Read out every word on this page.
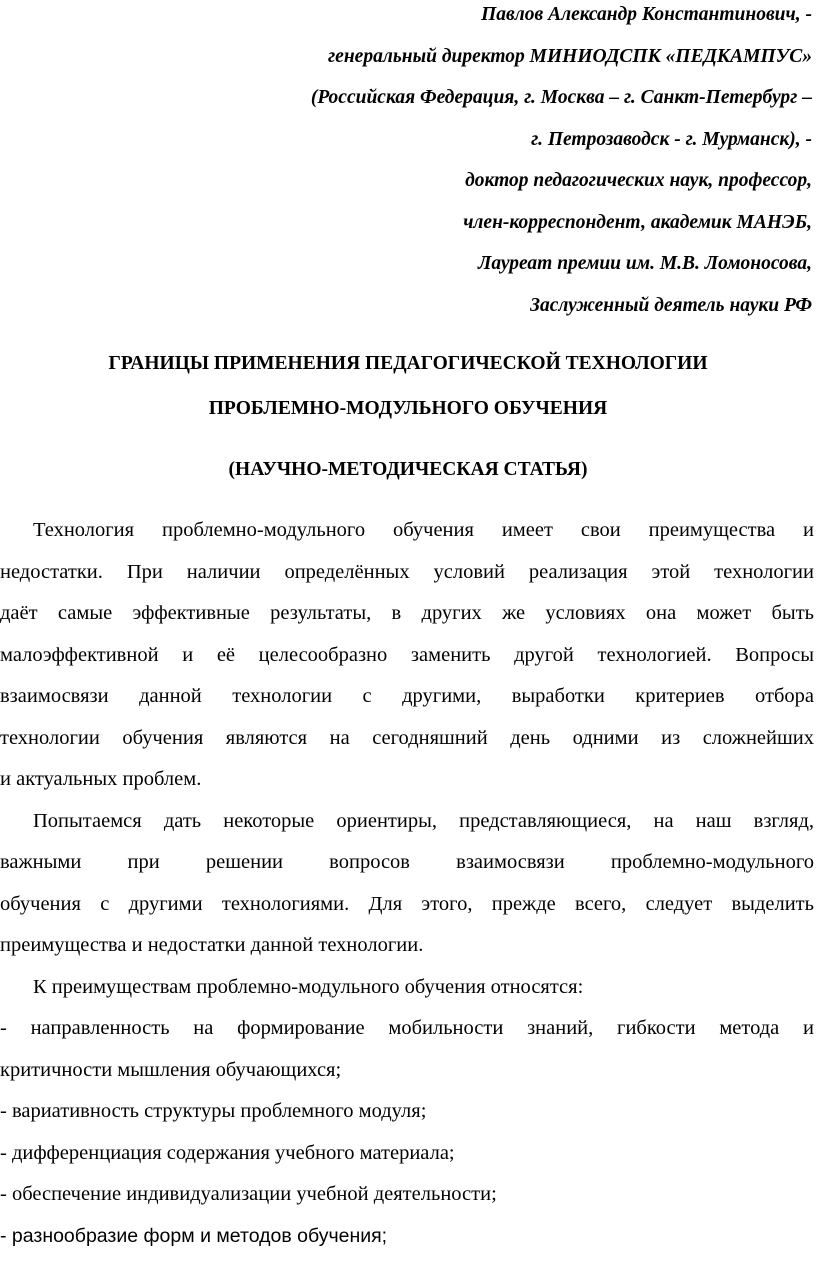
Павлов Александр Константинович, -
генеральный директор МИНИОДСПК «ПЕДКАМПУС»
(Российская Федерация, г. Москва – г. Санкт-Петербург –
г. Петрозаводск - г. Мурманск), -
доктор педагогических наук, профессор,
член-корреспондент, академик МАНЭБ,
Лауреат премии им. М.В. Ломоносова,
Заслуженный деятель науки РФ
ГРАНИЦЫ ПРИМЕНЕНИЯ ПЕДАГОГИЧЕСКОЙ ТЕХНОЛОГИИ
ПРОБЛЕМНО-МОДУЛЬНОГО ОБУЧЕНИЯ
(НАУЧНО-МЕТОДИЧЕСКАЯ СТАТЬЯ)
Технология проблемно-модульного обучения имеет свои преимущества и
недостатки. При наличии определённых условий реализация этой технологии
даёт самые эффективные результаты, в других же условиях она может быть
малоэффективной и её целесообразно заменить другой технологией. Вопросы
взаимосвязи данной технологии с другими, выработки критериев отбора
технологии обучения являются на сегодняшний день одними из сложнейших
и актуальных проблем.
Попытаемся дать некоторые ориентиры, представляющиеся, на наш взгляд,
важными при решении вопросов взаимосвязи проблемно-модульного
обучения с другими технологиями. Для этого, прежде всего, следует выделить
преимущества и недостатки данной технологии.
К преимуществам проблемно-модульного обучения относятся:
- направленность на формирование мобильности знаний, гибкости метода и
критичности мышления обучающихся;
- вариативность структуры проблемного модуля;
- дифференциация содержания учебного материала;
- обеспечение индивидуализации учебной деятельности;
- разнообразие форм и методов обучения;
